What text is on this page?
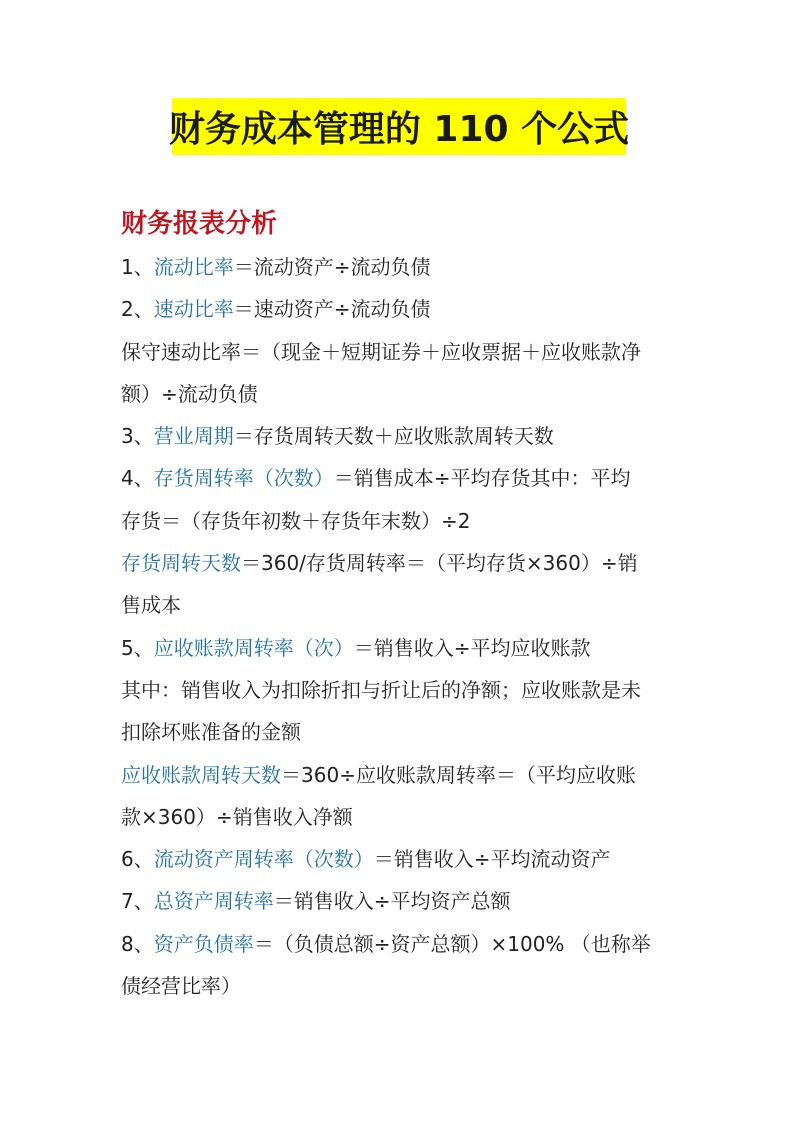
财务成本管理的 110 个公式
财务报表分析
1、流动比率＝流动资产÷流动负债
2、速动比率＝速动资产÷流动负债
保守速动比率＝（现金＋短期证券＋应收票据＋应收账款净
额）÷流动负债
3、营业周期＝存货周转天数＋应收账款周转天数
4、存货周转率（次数）＝销售成本÷平均存货其中：平均
存货＝（存货年初数＋存货年末数）÷2
存货周转天数＝360/存货周转率＝（平均存货×360）÷销
售成本
5、应收账款周转率（次）＝销售收入÷平均应收账款
其中：销售收入为扣除折扣与折让后的净额；应收账款是未
扣除坏账准备的金额
应收账款周转天数＝360÷应收账款周转率＝（平均应收账
款×360）÷销售收入净额
6、流动资产周转率（次数）＝销售收入÷平均流动资产
7、总资产周转率＝销售收入÷平均资产总额
8、资产负债率＝（负债总额÷资产总额）×100% （也称举
债经营比率）
